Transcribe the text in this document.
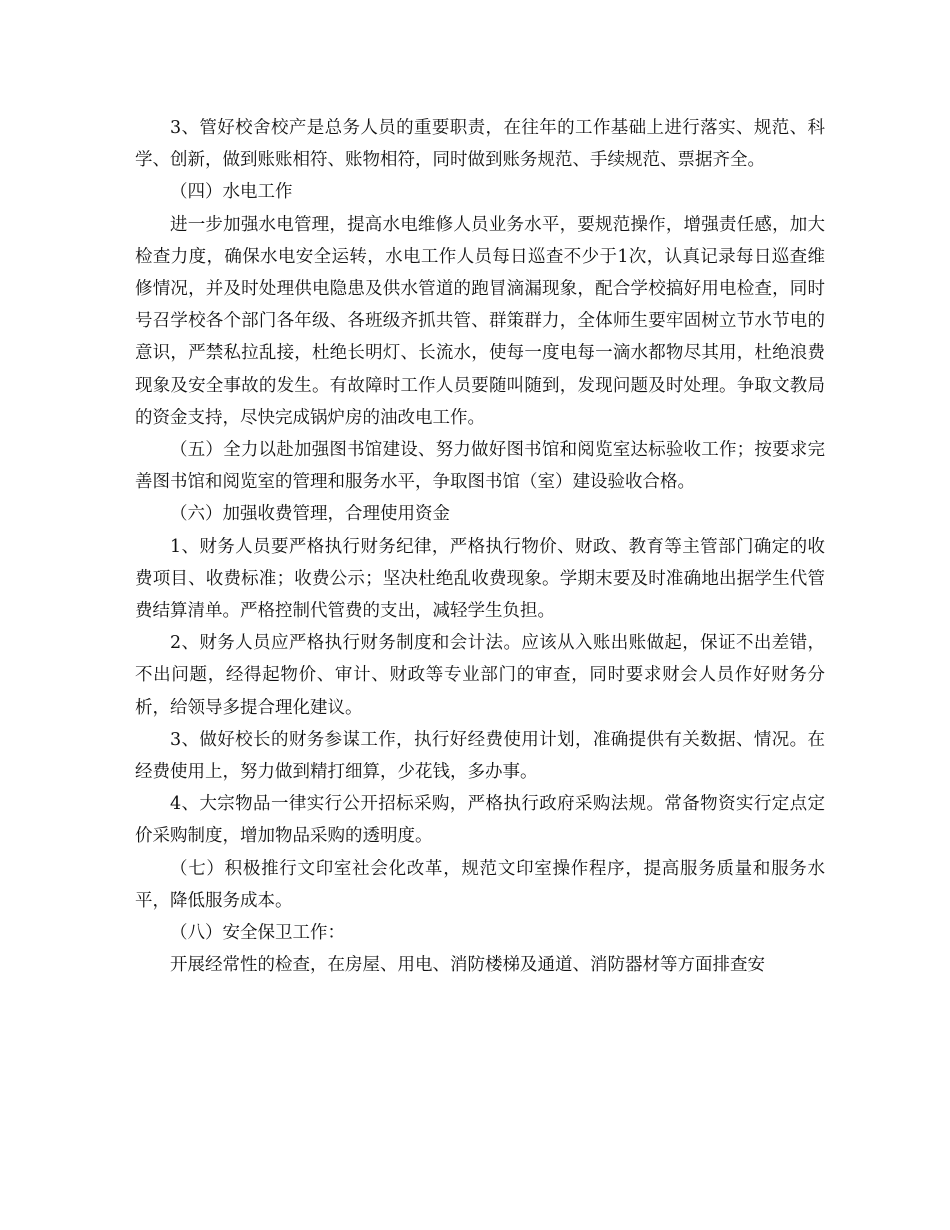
3、管好校舍校产是总务人员的重要职责，在往年的工作基础上进行落实、规范、科学、创新，做到账账相符、账物相符，同时做到账务规范、手续规范、票据齐全。

（四）水电工作

进一步加强水电管理，提高水电维修人员业务水平，要规范操作，增强责任感，加大检查力度，确保水电安全运转，水电工作人员每日巡查不少于1次，认真记录每日巡查维修情况，并及时处理供电隐患及供水管道的跑冒滴漏现象，配合学校搞好用电检查，同时号召学校各个部门各年级、各班级齐抓共管、群策群力，全体师生要牢固树立节水节电的意识，严禁私拉乱接，杜绝长明灯、长流水，使每一度电每一滴水都物尽其用，杜绝浪费现象及安全事故的发生。有故障时工作人员要随叫随到，发现问题及时处理。争取文教局的资金支持，尽快完成锅炉房的油改电工作。

（五）全力以赴加强图书馆建设、努力做好图书馆和阅览室达标验收工作；按要求完善图书馆和阅览室的管理和服务水平，争取图书馆（室）建设验收合格。

（六）加强收费管理，合理使用资金

1、财务人员要严格执行财务纪律，严格执行物价、财政、教育等主管部门确定的收费项目、收费标准；收费公示；坚决杜绝乱收费现象。学期末要及时准确地出据学生代管费结算清单。严格控制代管费的支出，减轻学生负担。

2、财务人员应严格执行财务制度和会计法。应该从入账出账做起，保证不出差错，不出问题，经得起物价、审计、财政等专业部门的审查，同时要求财会人员作好财务分析，给领导多提合理化建议。

3、做好校长的财务参谋工作，执行好经费使用计划，准确提供有关数据、情况。在经费使用上，努力做到精打细算，少花钱，多办事。

4、大宗物品一律实行公开招标采购，严格执行政府采购法规。常备物资实行定点定价采购制度，增加物品采购的透明度。

（七）积极推行文印室社会化改革，规范文印室操作程序，提高服务质量和服务水平，降低服务成本。

（八）安全保卫工作：

开展经常性的检查，在房屋、用电、消防楼梯及通道、消防器材等方面排查安
